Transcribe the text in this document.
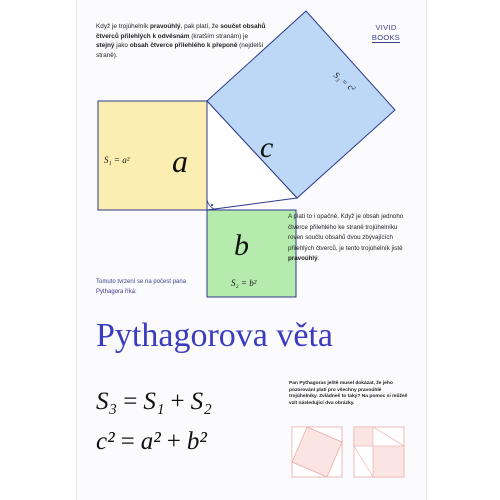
Když je trojúhelník pravoúhlý, pak platí, že součet obsahů čtverců přilehlých k odvěsnám (kratším stranám) je stejný jako obsah čtverce přilehlého k přeponě (nejdelší straně).
VIVID
BOOKS
a
b
c
S₁ = a²
S₂ = b²
S₃ = c²
A platí to i opačně. Když je obsah jednoho čtverce přilehlého ke straně trojúhelníku roven součtu obsahů dvou zbývajících přilehlých čtverců, je tento trojúhelník jistě pravoúhlý.
Tomuto tvrzení se na počest pana Pythagora říká:
Pythagorova věta
S₃ = S₁ + S₂
c² = a² + b²
Pan Pythagoras ještě musel dokázat, že jeho pozorování platí pro všechny pravoúhlé trojúhelníky. Zvládneš to taky? Na pomoc si můžeš vzít následující dva obrázky.
